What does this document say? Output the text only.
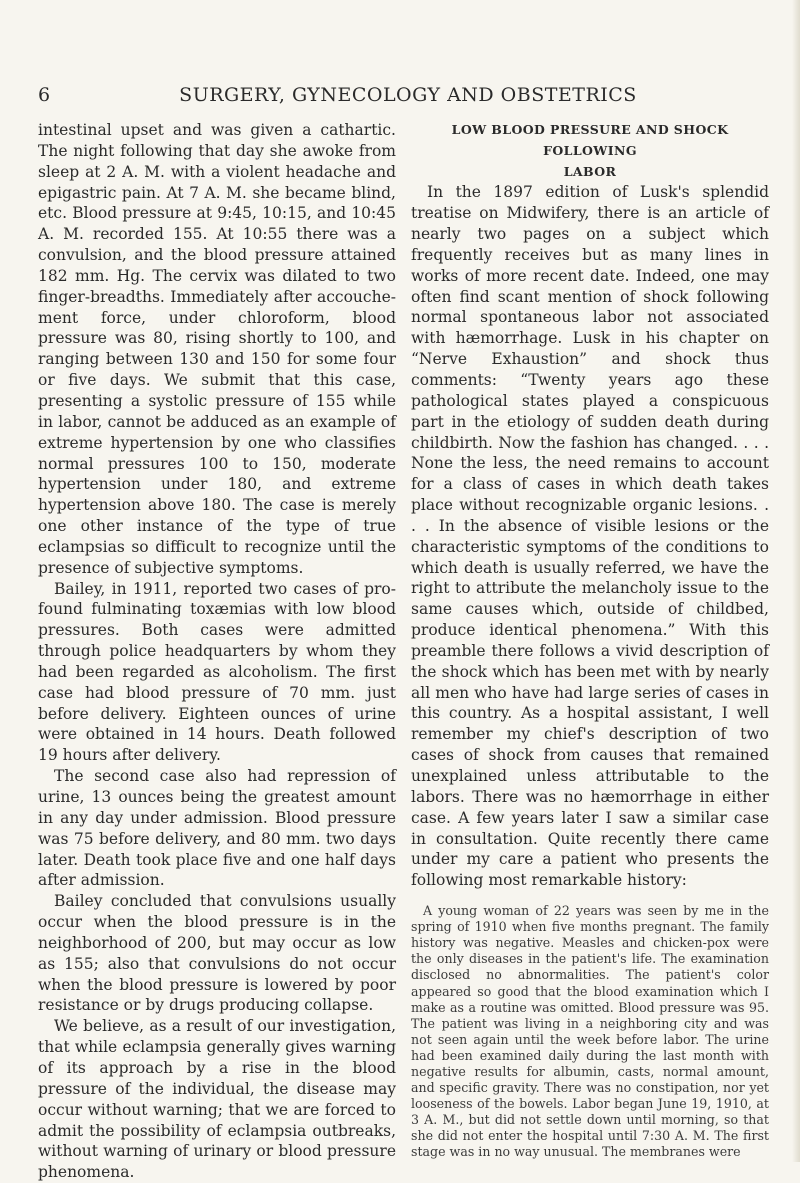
6	SURGERY, GYNECOLOGY AND OBSTETRICS

intestinal upset and was given a cathartic. The night following that day she awoke from sleep at 2 A. M. with a violent headache and epigastric pain. At 7 A. M. she became blind, etc. Blood pressure at 9:45, 10:15, and 10:45 A. M. recorded 155. At 10:55 there was a convulsion, and the blood pressure attained 182 mm. Hg. The cervix was dilated to two finger-breadths. Immediately after accouchement force, under chloroform, blood pressure was 80, rising shortly to 100, and ranging between 130 and 150 for some four or five days. We submit that this case, presenting a systolic pressure of 155 while in labor, cannot be adduced as an example of extreme hypertension by one who classifies normal pressures 100 to 150, moderate hypertension under 180, and extreme hypertension above 180. The case is merely one other instance of the type of true eclampsias so difficult to recognize until the presence of subjective symptoms.

Bailey, in 1911, reported two cases of profound fulminating toxæmias with low blood pressures. Both cases were admitted through police headquarters by whom they had been regarded as alcoholism. The first case had blood pressure of 70 mm. just before delivery. Eighteen ounces of urine were obtained in 14 hours. Death followed 19 hours after delivery.

The second case also had repression of urine, 13 ounces being the greatest amount in any day under admission. Blood pressure was 75 before delivery, and 80 mm. two days later. Death took place five and one half days after admission.

Bailey concluded that convulsions usually occur when the blood pressure is in the neighborhood of 200, but may occur as low as 155; also that convulsions do not occur when the blood pressure is lowered by poor resistance or by drugs producing collapse.

We believe, as a result of our investigation, that while eclampsia generally gives warning of its approach by a rise in the blood pressure of the individual, the disease may occur without warning; that we are forced to admit the possibility of eclampsia outbreaks, without warning of urinary or blood pressure phenomena.

LOW BLOOD PRESSURE AND SHOCK FOLLOWING
LABOR

In the 1897 edition of Lusk's splendid treatise on Midwifery, there is an article of nearly two pages on a subject which frequently receives but as many lines in works of more recent date. Indeed, one may often find scant mention of shock following normal spontaneous labor not associated with hæmorrhage. Lusk in his chapter on “Nerve Exhaustion” and shock thus comments: “Twenty years ago these pathological states played a conspicuous part in the etiology of sudden death during childbirth. Now the fashion has changed. . . . None the less, the need remains to account for a class of cases in which death takes place without recognizable organic lesions. . . . In the absence of visible lesions or the characteristic symptoms of the conditions to which death is usually referred, we have the right to attribute the melancholy issue to the same causes which, outside of childbed, produce identical phenomena.” With this preamble there follows a vivid description of the shock which has been met with by nearly all men who have had large series of cases in this country. As a hospital assistant, I well remember my chief's description of two cases of shock from causes that remained unexplained unless attributable to the labors. There was no hæmorrhage in either case. A few years later I saw a similar case in consultation. Quite recently there came under my care a patient who presents the following most remarkable history:

A young woman of 22 years was seen by me in the spring of 1910 when five months pregnant. The family history was negative. Measles and chicken-pox were the only diseases in the patient's life. The examination disclosed no abnormalities. The patient's color appeared so good that the blood examination which I make as a routine was omitted. Blood pressure was 95. The patient was living in a neighboring city and was not seen again until the week before labor. The urine had been examined daily during the last month with negative results for albumin, casts, normal amount, and specific gravity. There was no constipation, nor yet looseness of the bowels. Labor began June 19, 1910, at 3 A. M., but did not settle down until morning, so that she did not enter the hospital until 7:30 A. M. The first stage was in no way unusual. The membranes were
